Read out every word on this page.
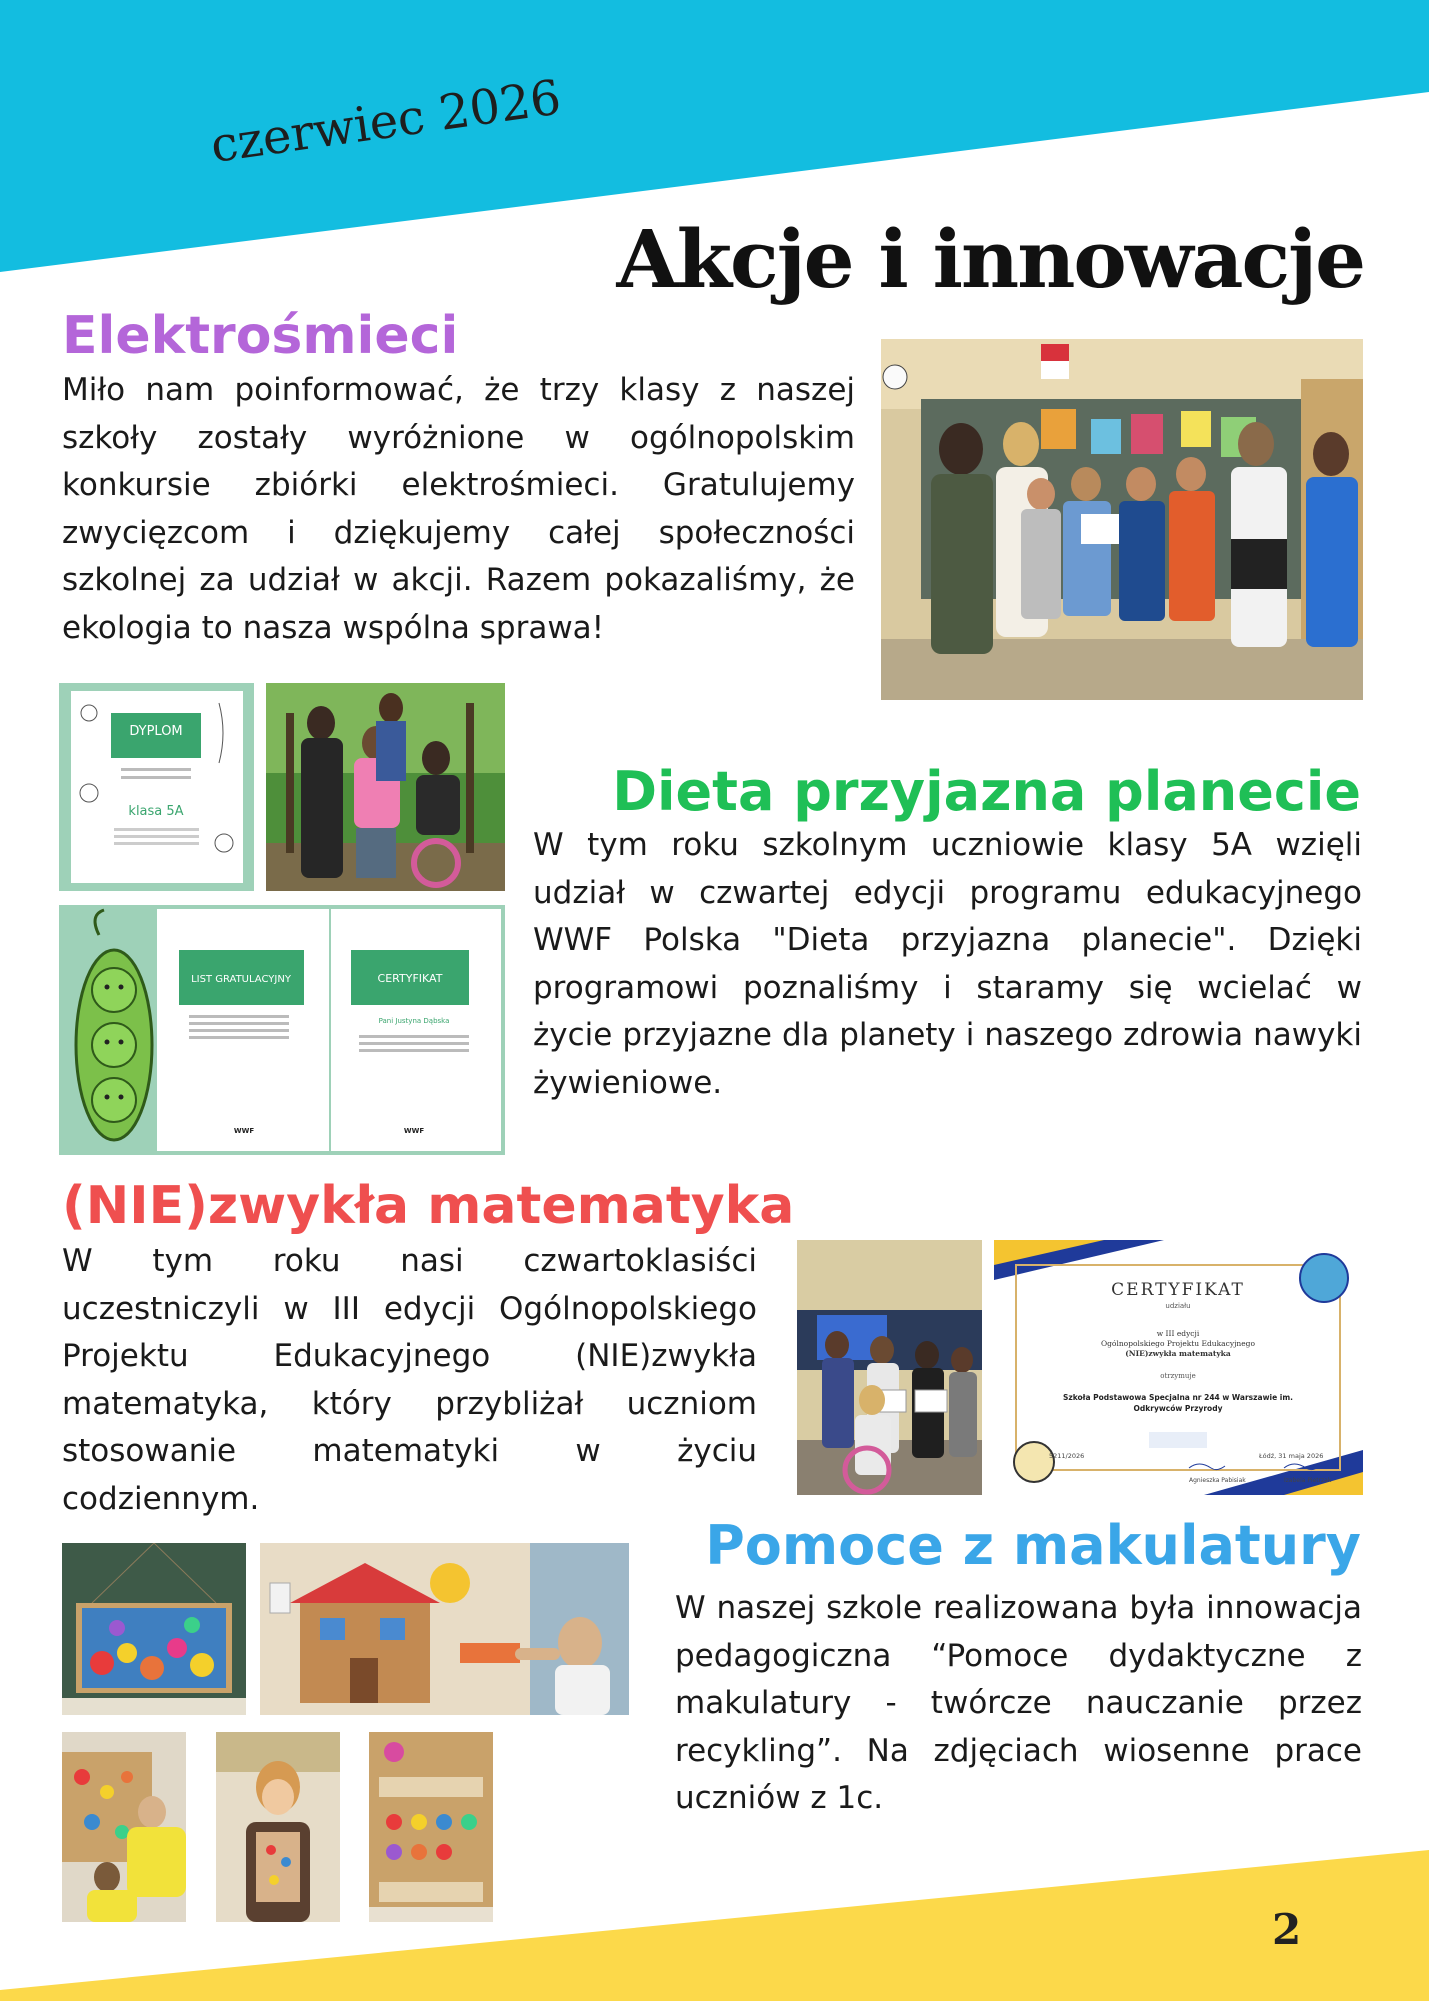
czerwiec 2026
Akcje i innowacje
Elektrośmieci
Miło nam poinformować, że trzy klasy z naszej szkoły zostały wyróżnione w ogólnopolskim konkursie zbiórki elektrośmieci. Gratulujemy zwycięzcom i dziękujemy całej społeczności szkolnej za udział w akcji. Razem pokazaliśmy, że ekologia to nasza wspólna sprawa!
DYPLOM
klasa 5A
LIST GRATULACYJNY
WWF
CERTYFIKAT
Pani Justyna Dąbska
WWF
Dieta przyjazna planecie
W tym roku szkolnym uczniowie klasy 5A wzięli udział w czwartej edycji programu edukacyjnego WWF Polska "Dieta przyjazna planecie". Dzięki programowi poznaliśmy i staramy się wcielać w życie przyjazne dla planety i naszego zdrowia nawyki żywieniowe.
(NIE)zwykła matematyka
W tym roku nasi czwartoklasiści uczestniczyli w III edycji Ogólnopolskiego Projektu Edukacyjnego (NIE)zwykła matematyka, który przybliżał uczniom stosowanie matematyki w życiu codziennym.
CERTYFIKAT
udziału
w III edycji
Ogólnopolskiego Projektu Edukacyjnego
(NIE)zwykła matematyka
otrzymuje
Szkoła Podstawowa Specjalna nr 244 w Warszawie im.
Odkrywców Przyrody
5211/2026	Łódź, 31 maja 2026
Agnieszka Pabisiak	Izabela Pietrzak
Pomoce z makulatury
W naszej szkole realizowana była innowacja pedagogiczna “Pomoce dydaktyczne z makulatury - twórcze nauczanie przez recykling”. Na zdjęciach wiosenne prace uczniów z 1c.
2
